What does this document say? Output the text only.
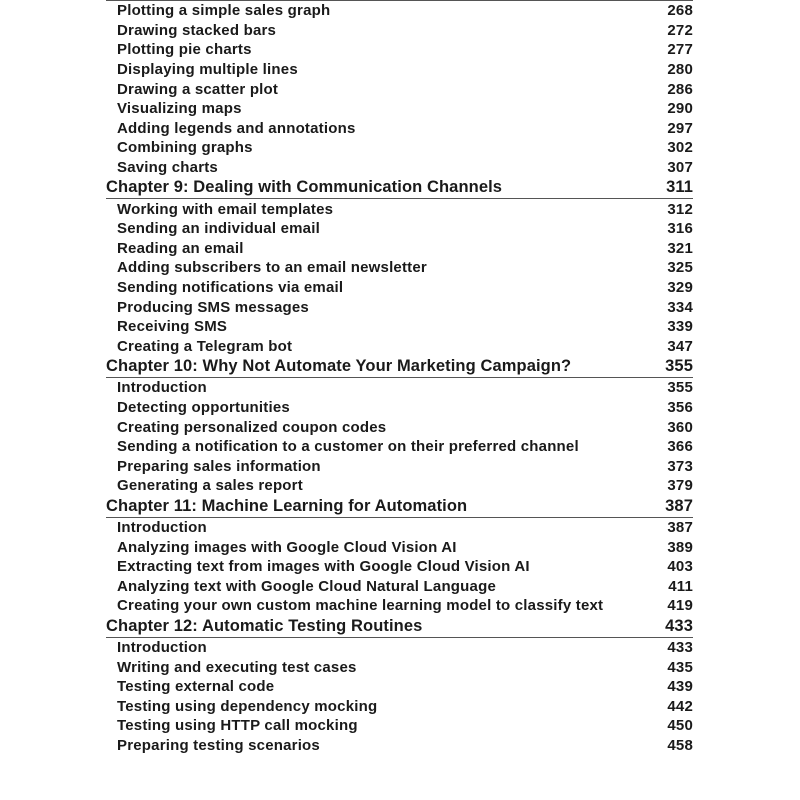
Plotting a simple sales graph	268
Drawing stacked bars	272
Plotting pie charts	277
Displaying multiple lines	280
Drawing a scatter plot	286
Visualizing maps	290
Adding legends and annotations	297
Combining graphs	302
Saving charts	307
Chapter 9: Dealing with Communication Channels	311
Working with email templates	312
Sending an individual email	316
Reading an email	321
Adding subscribers to an email newsletter	325
Sending notifications via email	329
Producing SMS messages	334
Receiving SMS	339
Creating a Telegram bot	347
Chapter 10: Why Not Automate Your Marketing Campaign?	355
Introduction	355
Detecting opportunities	356
Creating personalized coupon codes	360
Sending a notification to a customer on their preferred channel	366
Preparing sales information	373
Generating a sales report	379
Chapter 11: Machine Learning for Automation	387
Introduction	387
Analyzing images with Google Cloud Vision AI	389
Extracting text from images with Google Cloud Vision AI	403
Analyzing text with Google Cloud Natural Language	411
Creating your own custom machine learning model to classify text	419
Chapter 12: Automatic Testing Routines	433
Introduction	433
Writing and executing test cases	435
Testing external code	439
Testing using dependency mocking	442
Testing using HTTP call mocking	450
Preparing testing scenarios	458
